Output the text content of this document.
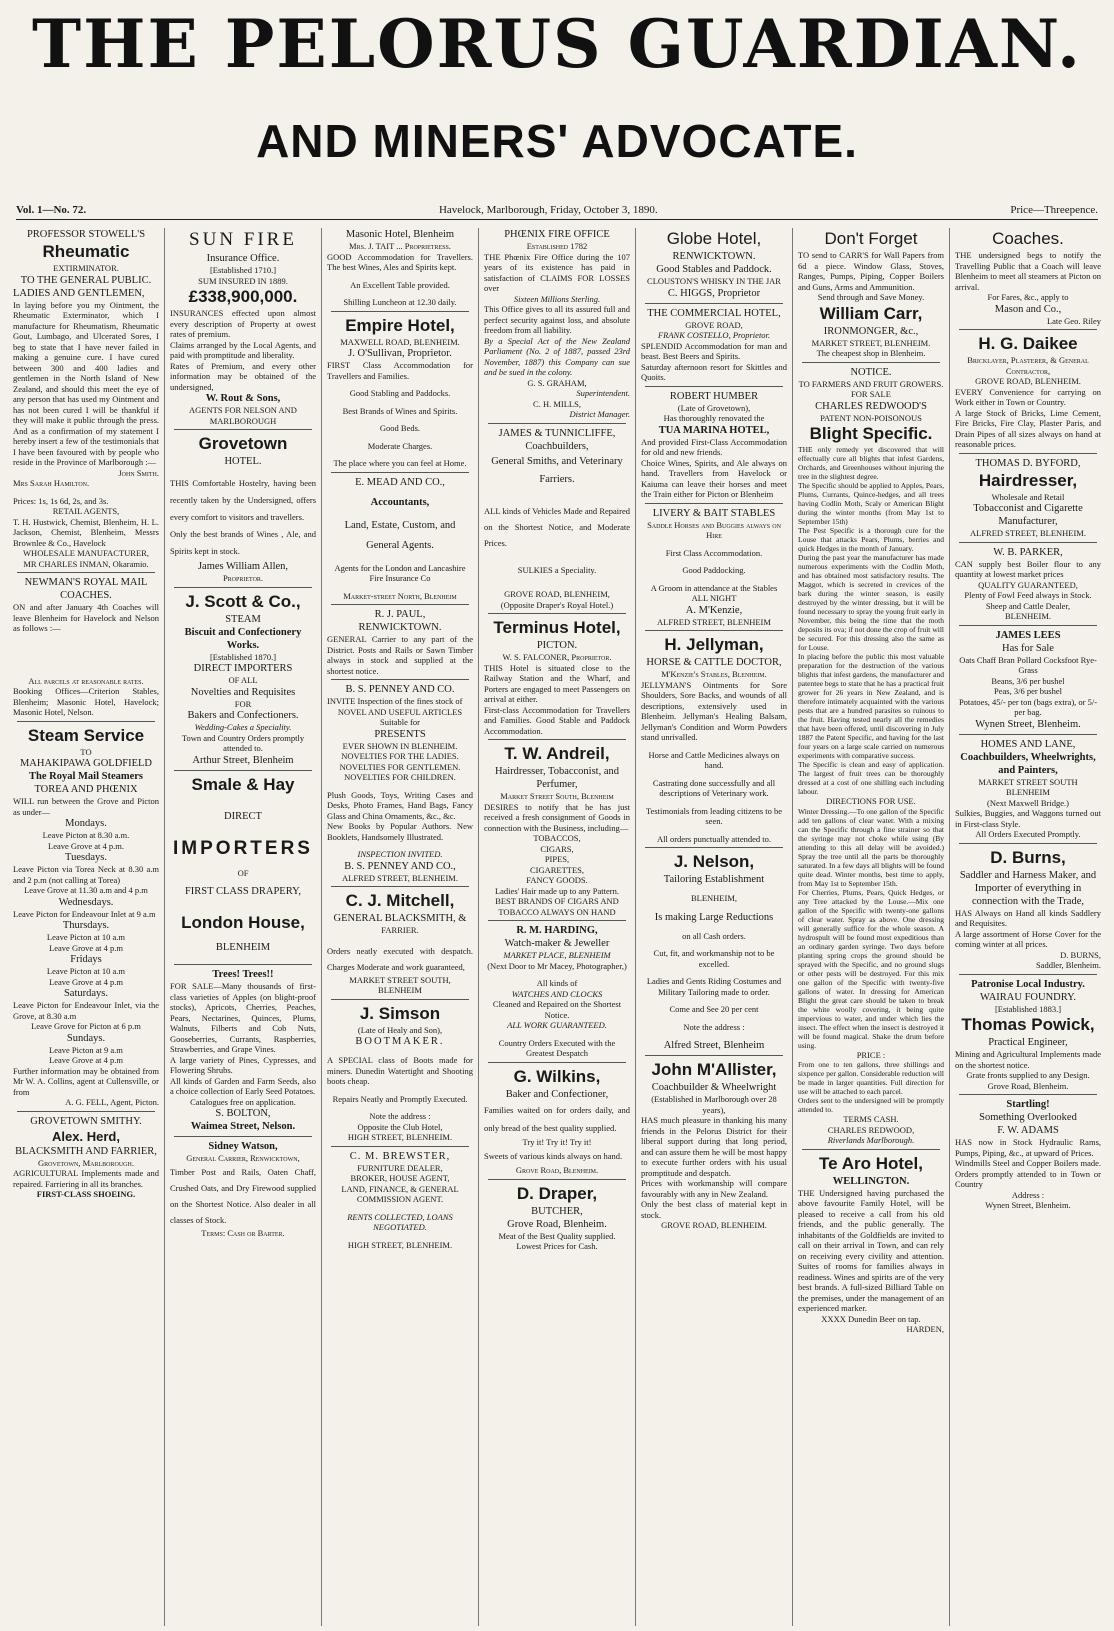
THE PELORUS GUARDIAN.
AND MINERS' ADVOCATE.
Vol. 1—No. 72.	Havelock, Marlborough, Friday, October 3, 1890.	Price—Threepence.

PROFESSOR STOWELL'S

Rheumatic

EXTIRMINATOR.

TO THE GENERAL PUBLIC.

LADIES AND GENTLEMEN,

In laying before you my Ointment, the Rheumatic Exterminator, which I manufacture for Rheumatism, Rheumatic Gout, Lumbago, and Ulcerated Sores, I beg to state that I have never failed in making a genuine cure. I have cured between 300 and 400 ladies and gentlemen in the North Island of New Zealand, and should this meet the eye of any person that has used my Ointment and has not been cured I will be thankful if they will make it public through the press. And as a confirmation of my statement I hereby insert a few of the testimonials that I have been favoured with by people who reside in the Province of Marlborough :—

John Smith.

Mrs Sarah Hamilton.

Prices: 1s, 1s 6d, 2s, and 3s.

RETAIL AGENTS,

T. H. Hustwick, Chemist, Blenheim, H. L. Jackson, Chemist, Blenheim, Messrs Brownlee & Co., Havelock

WHOLESALE MANUFACTURER,

MR CHARLES INMAN, Okaramio.

NEWMAN'S ROYAL MAIL COACHES.

ON and after January 4th Coaches will leave Blenheim for Havelock and Nelson as follows :—

All parcels at reasonable rates.

Booking Offices—Criterion Stables, Blenheim; Masonic Hotel, Havelock; Masonic Hotel, Nelson.

Steam Service

TO

MAHAKIPAWA GOLDFIELD

The Royal Mail Steamers

TOREA AND PHŒNIX

WILL run between the Grove and Picton as under—

Mondays.

Leave Picton at 8.30 a.m.

Leave Grove at 4 p.m.

Tuesdays.

Leave Picton via Torea Neck at 8.30 a.m and 2 p.m (not calling at Torea)

Leave Grove at 11.30 a.m and 4 p.m

Wednesdays.

Leave Picton for Endeavour Inlet at 9 a.m

Thursdays.

Leave Picton at 10 a.m

Leave Grove at 4 p.m

Fridays

Leave Picton at 10 a.m

Leave Grove at 4 p.m

Saturdays.

Leave Picton for Endeavour Inlet, via the Grove, at 8.30 a.m

Leave Grove for Picton at 6 p.m

Sundays.

Leave Picton at 9 a.m

Leave Grove at 4 p.m

Further information may be obtained from Mr W. A. Collins, agent at Cullensville, or from

A. G. FELL, Agent, Picton.

GROVETOWN SMITHY.

Alex. Herd,

BLACKSMITH AND FARRIER,

Grovetown, Marlborough.

AGRICULTURAL Implements made and repaired. Farriering in all its branches.

FIRST-CLASS SHOEING.

SUN FIRE

Insurance Office.

[Established 1710.]

SUM INSURED IN 1889.

£338,900,000.

INSURANCES effected upon almost every description of Property at owest rates of premium.

Claims arranged by the Local Agents, and paid with promptitude and liberality.

Rates of Premium, and every other information may be obtained of the undersigned,

W. Rout & Sons,

AGENTS FOR NELSON AND MARLBOROUGH

Grovetown

HOTEL.

THIS Comfortable Hostelry, having been recently taken by the Undersigned, offers every comfort to visitors and travellers.

Only the best brands of Wines , Ale, and Spirits kept in stock.

James William Allen,

Proprietor.

J. Scott & Co.,

STEAM

Biscuit and Confectionery Works.

[Established 1870.]

DIRECT IMPORTERS

OF ALL

Novelties and Requisites

FOR

Bakers and Confectioners.

Wedding-Cakes a Speciality.

Town and Country Orders promptly attended to.

Arthur Street, Blenheim

Smale & Hay

DIRECT

IMPORTERS

OF

FIRST CLASS DRAPERY,

London House,

BLENHEIM

Trees! Trees!!

FOR SALE—Many thousands of first-class varieties of Apples (on blight-proof stocks), Apricots, Cherries, Peaches, Pears, Nectarines, Quinces, Plums, Walnuts, Filberts and Cob Nuts, Gooseberries, Currants, Raspberries, Strawberries, and Grape Vines.

A large variety of Pines, Cypresses, and Flowering Shrubs.

All kinds of Garden and Farm Seeds, also a choice collection of Early Seed Potatoes.

Catalogues free on application.

S. BOLTON,

Waimea Street, Nelson.

Sidney Watson,

General Carrier, Renwicktown,

Timber Post and Rails, Oaten Chaff, Crushed Oats, and Dry Firewood supplied on the Shortest Notice. Also dealer in all classes of Stock.

Terms: Cash or Barter.

Masonic Hotel, Blenheim

Mrs. J. TAIT ... Proprietress.

GOOD Accommodation for Travellers. The best Wines, Ales and Spirits kept.

An Excellent Table provided.

Shilling Luncheon at 12.30 daily.

Empire Hotel,

MAXWELL ROAD, BLENHEIM.

J. O'Sullivan, Proprietor.

FIRST Class Accommodation for Travellers and Families.

Good Stabling and Paddocks.

Best Brands of Wines and Spirits.

Good Beds.

Moderate Charges.

The place where you can feel at Home.

E. MEAD AND CO.,

Accountants,

Land, Estate, Custom, and General Agents.

Agents for the London and Lancashire Fire Insurance Co

Market-street North, Blenheim

R. J. PAUL,

RENWICKTOWN.

GENERAL Carrier to any part of the District. Posts and Rails or Sawn Timber always in stock and supplied at the shortest notice.

B. S. PENNEY AND CO.

INVITE Inspection of the fines stock of

NOVEL AND USEFUL ARTICLES

Suitable for

PRESENTS

EVER SHOWN IN BLENHEIM.

NOVELTIES FOR THE LADIES.

NOVELTIES FOR GENTLEMEN.

NOVELTIES FOR CHILDREN.

Plush Goods, Toys, Writing Cases and Desks, Photo Frames, Hand Bags, Fancy Glass and China Ornaments, &c., &c.

New Books by Popular Authors. New Booklets, Handsomely Illustrated.

INSPECTION INVITED.

B. S. PENNEY AND CO.,

ALFRED STREET, BLENHEIM.

C. J. Mitchell,

GENERAL BLACKSMITH, &

FARRIER.

Orders neatly executed with despatch. Charges Moderate and work guaranteed,

MARKET STREET SOUTH, BLENHEIM

J. Simson

(Late of Healy and Son),

BOOTMAKER.

A SPECIAL class of Boots made for miners. Dunedin Watertight and Shooting boots cheap.

Repairs Neatly and Promptly Executed.

Note the address :

Opposite the Club Hotel,

HIGH STREET, BLENHEIM.

C. M. BREWSTER,

FURNITURE DEALER,

BROKER, HOUSE AGENT,

LAND, FINANCE, & GENERAL

COMMISSION AGENT.

RENTS COLLECTED, LOANS NEGOTIATED.

HIGH STREET, BLENHEIM.

PHŒNIX FIRE OFFICE

Established 1782

THE Phœnix Fire Office during the 107 years of its existence has paid in satisfaction of CLAIMS FOR LOSSES over

Sixteen Millions Sterling.

This Office gives to all its assured full and perfect security against loss, and absolute freedom from all liability.

By a Special Act of the New Zealand Parliament (No. 2 of 1887, passed 23rd November, 1887) this Company can sue and be sued in the colony.

G. S. GRAHAM,

Superintendent.

C. H. MILLS,

District Manager.

JAMES & TUNNICLIFFE,

Coachbuilders,

General Smiths, and Veterinary Farriers.

ALL kinds of Vehicles Made and Repaired on the Shortest Notice, and Moderate Prices.

SULKIES a Speciality.

GROVE ROAD, BLENHEIM,

(Opposite Draper's Royal Hotel.)

Terminus Hotel,

PICTON.

W. S. FALCONER, Proprietor.

THIS Hotel is situated close to the Railway Station and the Wharf, and Porters are engaged to meet Passengers on arrival at either.

First-class Accommodation for Travellers and Families. Good Stable and Paddock Accommodation.

T. W. Andreil,

Hairdresser, Tobacconist, and Perfumer,

Market Street South, Blenheim

DESIRES to notify that he has just received a fresh consignment of Goods in connection with the Business, including—

TOBACCOS,

CIGARS,

PIPES,

CIGARETTES,

FANCY GOODS.

Ladies' Hair made up to any Pattern.

BEST BRANDS OF CIGARS AND TOBACCO ALWAYS ON HAND

R. M. HARDING,

Watch-maker & Jeweller

MARKET PLACE, BLENHEIM

(Next Door to Mr Macey, Photographer,)

All kinds of

WATCHES AND CLOCKS

Cleaned and Repaired on the Shortest Notice.

ALL WORK GUARANTEED.

Country Orders Executed with the Greatest Despatch

G. Wilkins,

Baker and Confectioner,

Families waited on for orders daily, and only bread of the best quality supplied.

Try it! Try it! Try it!

Sweets of various kinds always on hand.

Grove Road, Blenheim.

D. Draper,

BUTCHER,

Grove Road, Blenheim.

Meat of the Best Quality supplied.

Lowest Prices for Cash.

Globe Hotel,

RENWICKTOWN.

Good Stables and Paddock.

CLOUSTON'S WHISKY IN THE JAR

C. HIGGS, Proprietor

THE COMMERCIAL HOTEL,

GROVE ROAD,

FRANK COSTELLO, Proprietor.

SPLENDID Accommodation for man and beast. Best Beers and Spirits.

Saturday afternoon resort for Skittles and Quoits.

ROBERT HUMBER

(Late of Grovetown),

Has thoroughly renovated the

TUA MARINA HOTEL,

And provided First-Class Accommodation for old and new friends.

Choice Wines, Spirits, and Ale always on hand. Travellers from Havelock or Kaiuma can leave their horses and meet the Train either for Picton or Blenheim

LIVERY & BAIT STABLES

Saddle Horses and Buggies always on Hire

First Class Accommodation.

Good Paddocking.

A Groom in attendance at the Stables

ALL NIGHT

A. M'Kenzie,

ALFRED STREET, BLENHEIM

H. Jellyman,

HORSE & CATTLE DOCTOR,

M'Kenzie's Stables, Blenheim.

JELLYMAN'S Ointments for Sore Shoulders, Sore Backs, and wounds of all descriptions, extensively used in Blenheim. Jellyman's Healing Balsam, Jellyman's Condition and Worm Powders stand unrivalled.

Horse and Cattle Medicines always on hand.

Castrating done successfully and all descriptions of Veterinary work.

Testimonials from leading citizens to be seen.

All orders punctually attended to.

J. Nelson,

Tailoring Establishment

BLENHEIM,

Is making Large Reductions

on all Cash orders.

Cut, fit, and workmanship not to be excelled.

Ladies and Gents Riding Costumes and Military Tailoring made to order.

Come and See 20 per cent

Note the address :

Alfred Street, Blenheim

John M'Allister,

Coachbuilder & Wheelwright

(Established in Marlborough over 28 years),

HAS much pleasure in thanking his many friends in the Pelorus District for their liberal support during that long period, and can assure them he will be most happy to execute further orders with his usual promptitude and despatch.

Prices with workmanship will compare favourably with any in New Zealand.

Only the best class of material kept in stock.

GROVE ROAD, BLENHEIM.

Don't Forget

TO send to CARR'S for Wall Papers from 6d a piece. Window Glass, Stoves, Ranges, Pumps, Piping, Copper Boilers and Guns, Arms and Ammunition.

Send through and Save Money.

William Carr,

IRONMONGER, &c.,

MARKET STREET, BLENHEIM.

The cheapest shop in Blenheim.

NOTICE.

TO FARMERS AND FRUIT GROWERS.

FOR SALE

CHARLES REDWOOD'S

PATENT NON-POISONOUS

Blight Specific.

THE only remedy yet discovered that will effectually cure all blights that infest Gardens, Orchards, and Greenhouses without injuring the tree in the slightest degree.

The Specific should be applied to Apples, Pears, Plums, Currants, Quince-hedges, and all trees having Codlin Moth, Scaly or American Blight during the winter months (from May 1st to September 15th)

The Pest Specific is a thorough cure for the Louse that attacks Pears, Plums, berries and quick Hedges in the month of January.

During the past year the manufacturer has made numerous experiments with the Codlin Moth, and has obtained most satisfactory results. The Maggot, which is secreted in crevices of the bark during the winter season, is easily destroyed by the winter dressing, but it will be found necessary to spray the young fruit early in November, this being the time that the moth deposits its ova; if not done the crop of fruit will be secured. For this dressing also the same as for Louse.

In placing before the public this most valuable preparation for the destruction of the various blights that infest gardens, the manufacturer and patentee begs to state that he has a practical fruit grower for 26 years in New Zealand, and is therefore intimately acquainted with the various pests that are a hundred parasites so ruinous to the fruit. Having tested nearly all the remedies that have been offered, until discovering in July 1887 the Patent Specific, and having for the last four years on a large scale carried on numerous experiments with comparative success.

The Specific is clean and easy of application. The largest of fruit trees can be thoroughly dressed at a cost of one shilling each including labour.

DIRECTIONS FOR USE.

Winter Dressing.—To one gallon of the Specific add ten gallons of clear water. With a mixing can the Specific through a fine strainer so that the syringe may not choke while using (By attending to this all delay will be avoided.) Spray the tree until all the parts be thoroughly saturated. In a few days all blights will be found quite dead. Winter months, best time to apply, from May 1st to September 15th.

For Cherries, Plums, Pears, Quick Hedges, or any Tree attacked by the Louse.—Mix one gallon of the Specific with twenty-one gallons of clear water. Spray as above. One dressing will generally suffice for the whole season. A hydrospult will be found most expeditious than an ordinary garden syringe. Two days before planting spring crops the ground should be sprayed with the Specific, and no ground slugs or other pests will be destroyed. For this mix one gallon of the Specific with twenty-five gallons of water. In dressing for American Blight the great care should be taken to break the white woolly covering, it being quite impervious to water, and under which lies the insect. The effect when the insect is destroyed it will be found magical. Shake the drum before using.

PRICE :

From one to ten gallons, three shillings and sixpence per gallon. Considerable reduction will be made in larger quantities. Full direction for use will be attached to each parcel.

Orders sent to the undersigned will be promptly attended to.

TERMS CASH.

CHARLES REDWOOD,

Riverlands Marlborough.

Te Aro Hotel,

WELLINGTON.

THE Undersigned having purchased the above favourite Family Hotel, will be pleased to receive a call from his old friends, and the public generally. The inhabitants of the Goldfields are invited to call on their arrival in Town, and can rely on receiving every civility and attention. Suites of rooms for families always in readiness. Wines and spirits are of the very best brands. A full-sized Billiard Table on the premises, under the management of an experienced marker.

XXXX Dunedin Beer on tap.

HARDEN,

Coaches.

THE undersigned begs to notify the Travelling Public that a Coach will leave Blenheim to meet all steamers at Picton on arrival.

For Fares, &c., apply to

Mason and Co.,

Late Geo. Riley

H. G. Daikee

Bricklayer, Plasterer, & General Contractor,

GROVE ROAD, BLENHEIM.

EVERY Convenience for carrying on Work either in Town or Country.

A large Stock of Bricks, Lime Cement, Fire Bricks, Fire Clay, Plaster Paris, and Drain Pipes of all sizes always on hand at reasonable prices.

THOMAS D. BYFORD,

Hairdresser,

Wholesale and Retail

Tobacconist and Cigarette Manufacturer,

ALFRED STREET, BLENHEIM.

W. B. PARKER,

CAN supply best Boiler flour to any quantity at lowest market prices

QUALITY GUARANTEED,

Plenty of Fowl Feed always in Stock.

Sheep and Cattle Dealer,

BLENHEIM.

JAMES LEES

Has for Sale

Oats Chaff Bran Pollard Cocksfoot Rye-Grass

Beans, 3/6 per bushel

Peas, 3/6 per bushel

Potatoes, 45/- per ton (bags extra), or 5/- per bag.

Wynen Street, Blenheim.

HOMES AND LANE,

Coachbuilders, Wheelwrights, and Painters,

MARKET STREET SOUTH

BLENHEIM

(Next Maxwell Bridge.)

Sulkies, Buggies, and Waggons turned out in First-class Style.

All Orders Executed Promptly.

D. Burns,

Saddler and Harness Maker, and Importer of everything in connection with the Trade,

HAS Always on Hand all kinds Saddlery and Requisites.

A large assortment of Horse Cover for the coming winter at all prices.

D. BURNS,

Saddler, Blenheim.

Patronise Local Industry.

WAIRAU FOUNDRY.

[Established 1883.]

Thomas Powick,

Practical Engineer,

Mining and Agricultural Implements made on the shortest notice.

Grate fronts supplied to any Design.

Grove Road, Blenheim.

Startling!

Something Overlooked

F. W. ADAMS

HAS now in Stock Hydraulic Rams, Pumps, Piping, &c., at upward of Prices.

Windmills Steel and Copper Boilers made. Orders promptly attended to in Town or Country

Address :

Wynen Street, Blenheim.
